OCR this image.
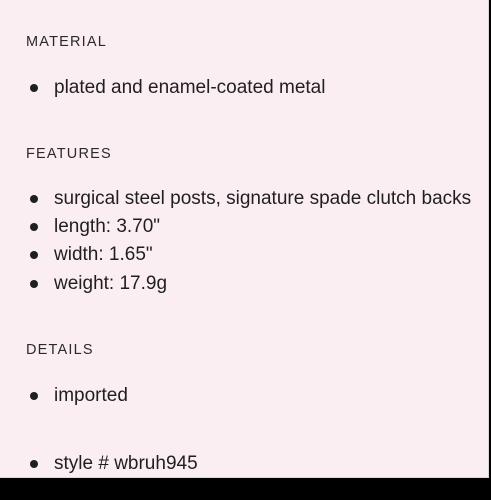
MATERIAL
plated and enamel-coated metal
FEATURES
surgical steel posts, signature spade clutch backs
length: 3.70"
width: 1.65"
weight: 17.9g
DETAILS
imported
style # wbruh945
